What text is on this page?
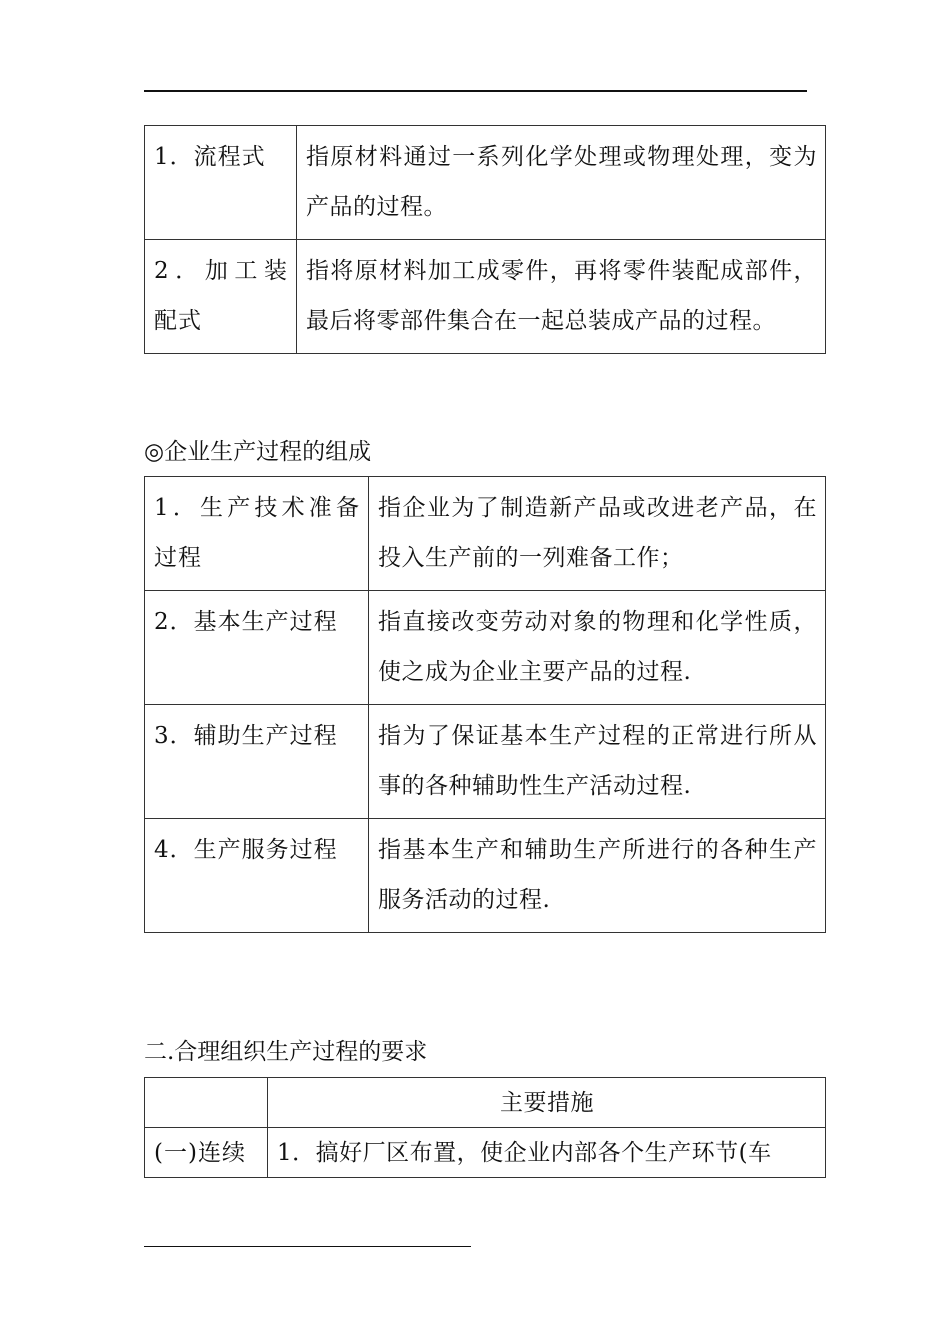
1．流程式	指原材料通过一系列化学处理或物理处理，变为产品的过程。
2．加工装配式	指将原材料加工成零件，再将零件装配成部件，最后将零部件集合在一起总装成产品的过程。
◎企业生产过程的组成
1．生产技术准备过程	指企业为了制造新产品或改进老产品，在投入生产前的一列难备工作；
2．基本生产过程	指直接改变劳动对象的物理和化学性质，使之成为企业主要产品的过程.
3．辅助生产过程	指为了保证基本生产过程的正常进行所从事的各种辅助性生产活动过程.
4．生产服务过程	指基本生产和辅助生产所进行的各种生产服务活动的过程.
二.合理组织生产过程的要求
	主要措施
(一)连续	1．搞好厂区布置，使企业内部各个生产环节(车
